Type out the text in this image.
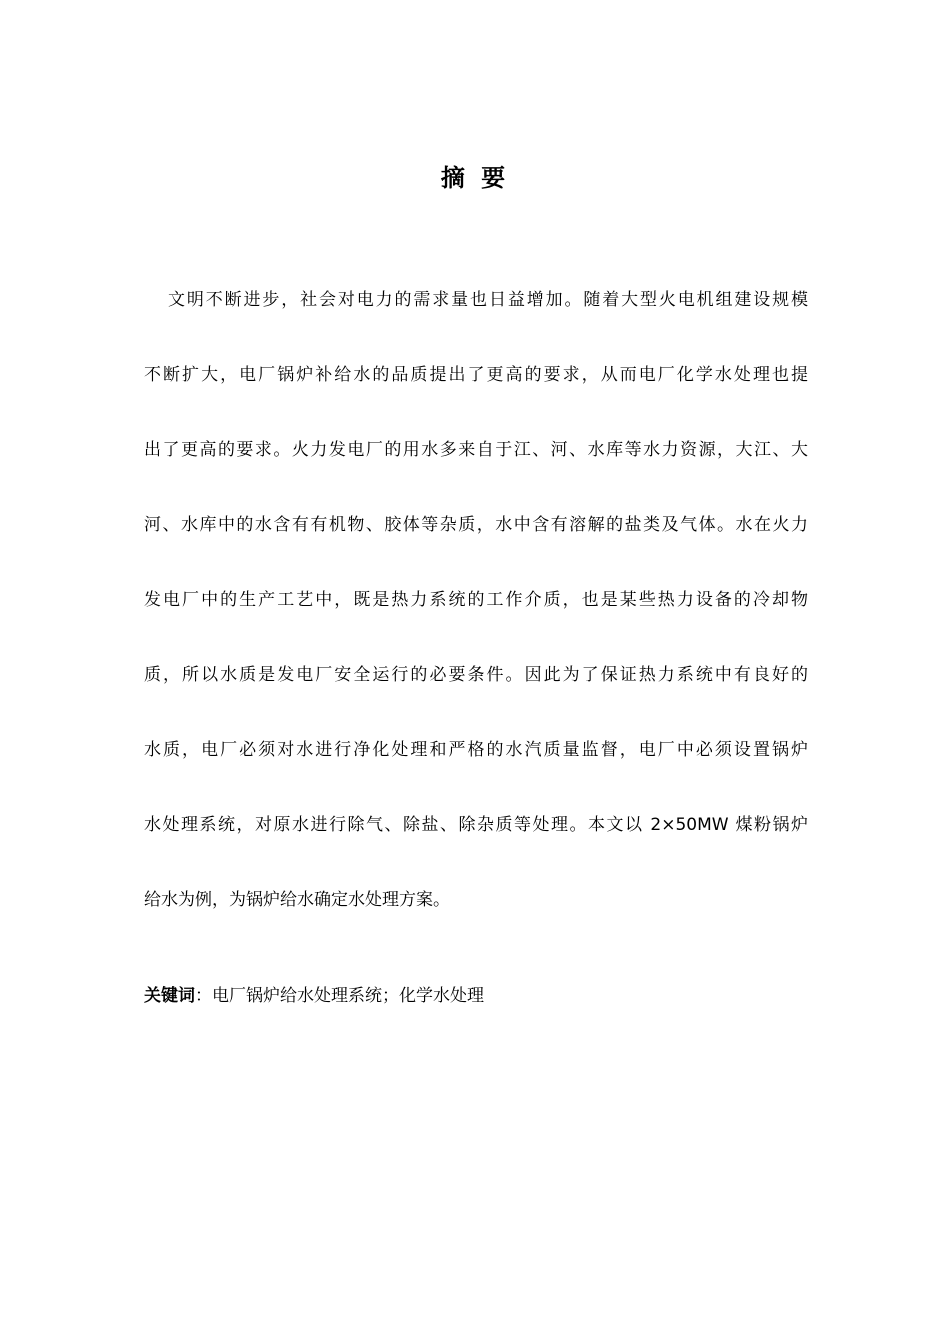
摘 要
文明不断进步，社会对电力的需求量也日益增加。随着大型火电机组建设规模
不断扩大，电厂锅炉补给水的品质提出了更高的要求，从而电厂化学水处理也提
出了更高的要求。火力发电厂的用水多来自于江、河、水库等水力资源，大江、大
河、水库中的水含有有机物、胶体等杂质，水中含有溶解的盐类及气体。水在火力
发电厂中的生产工艺中，既是热力系统的工作介质，也是某些热力设备的冷却物
质，所以水质是发电厂安全运行的必要条件。因此为了保证热力系统中有良好的
水质，电厂必须对水进行净化处理和严格的水汽质量监督，电厂中必须设置锅炉
水处理系统，对原水进行除气、除盐、除杂质等处理。本文以 2×50MW 煤粉锅炉
给水为例，为锅炉给水确定水处理方案。
关键词：电厂锅炉给水处理系统；化学水处理
